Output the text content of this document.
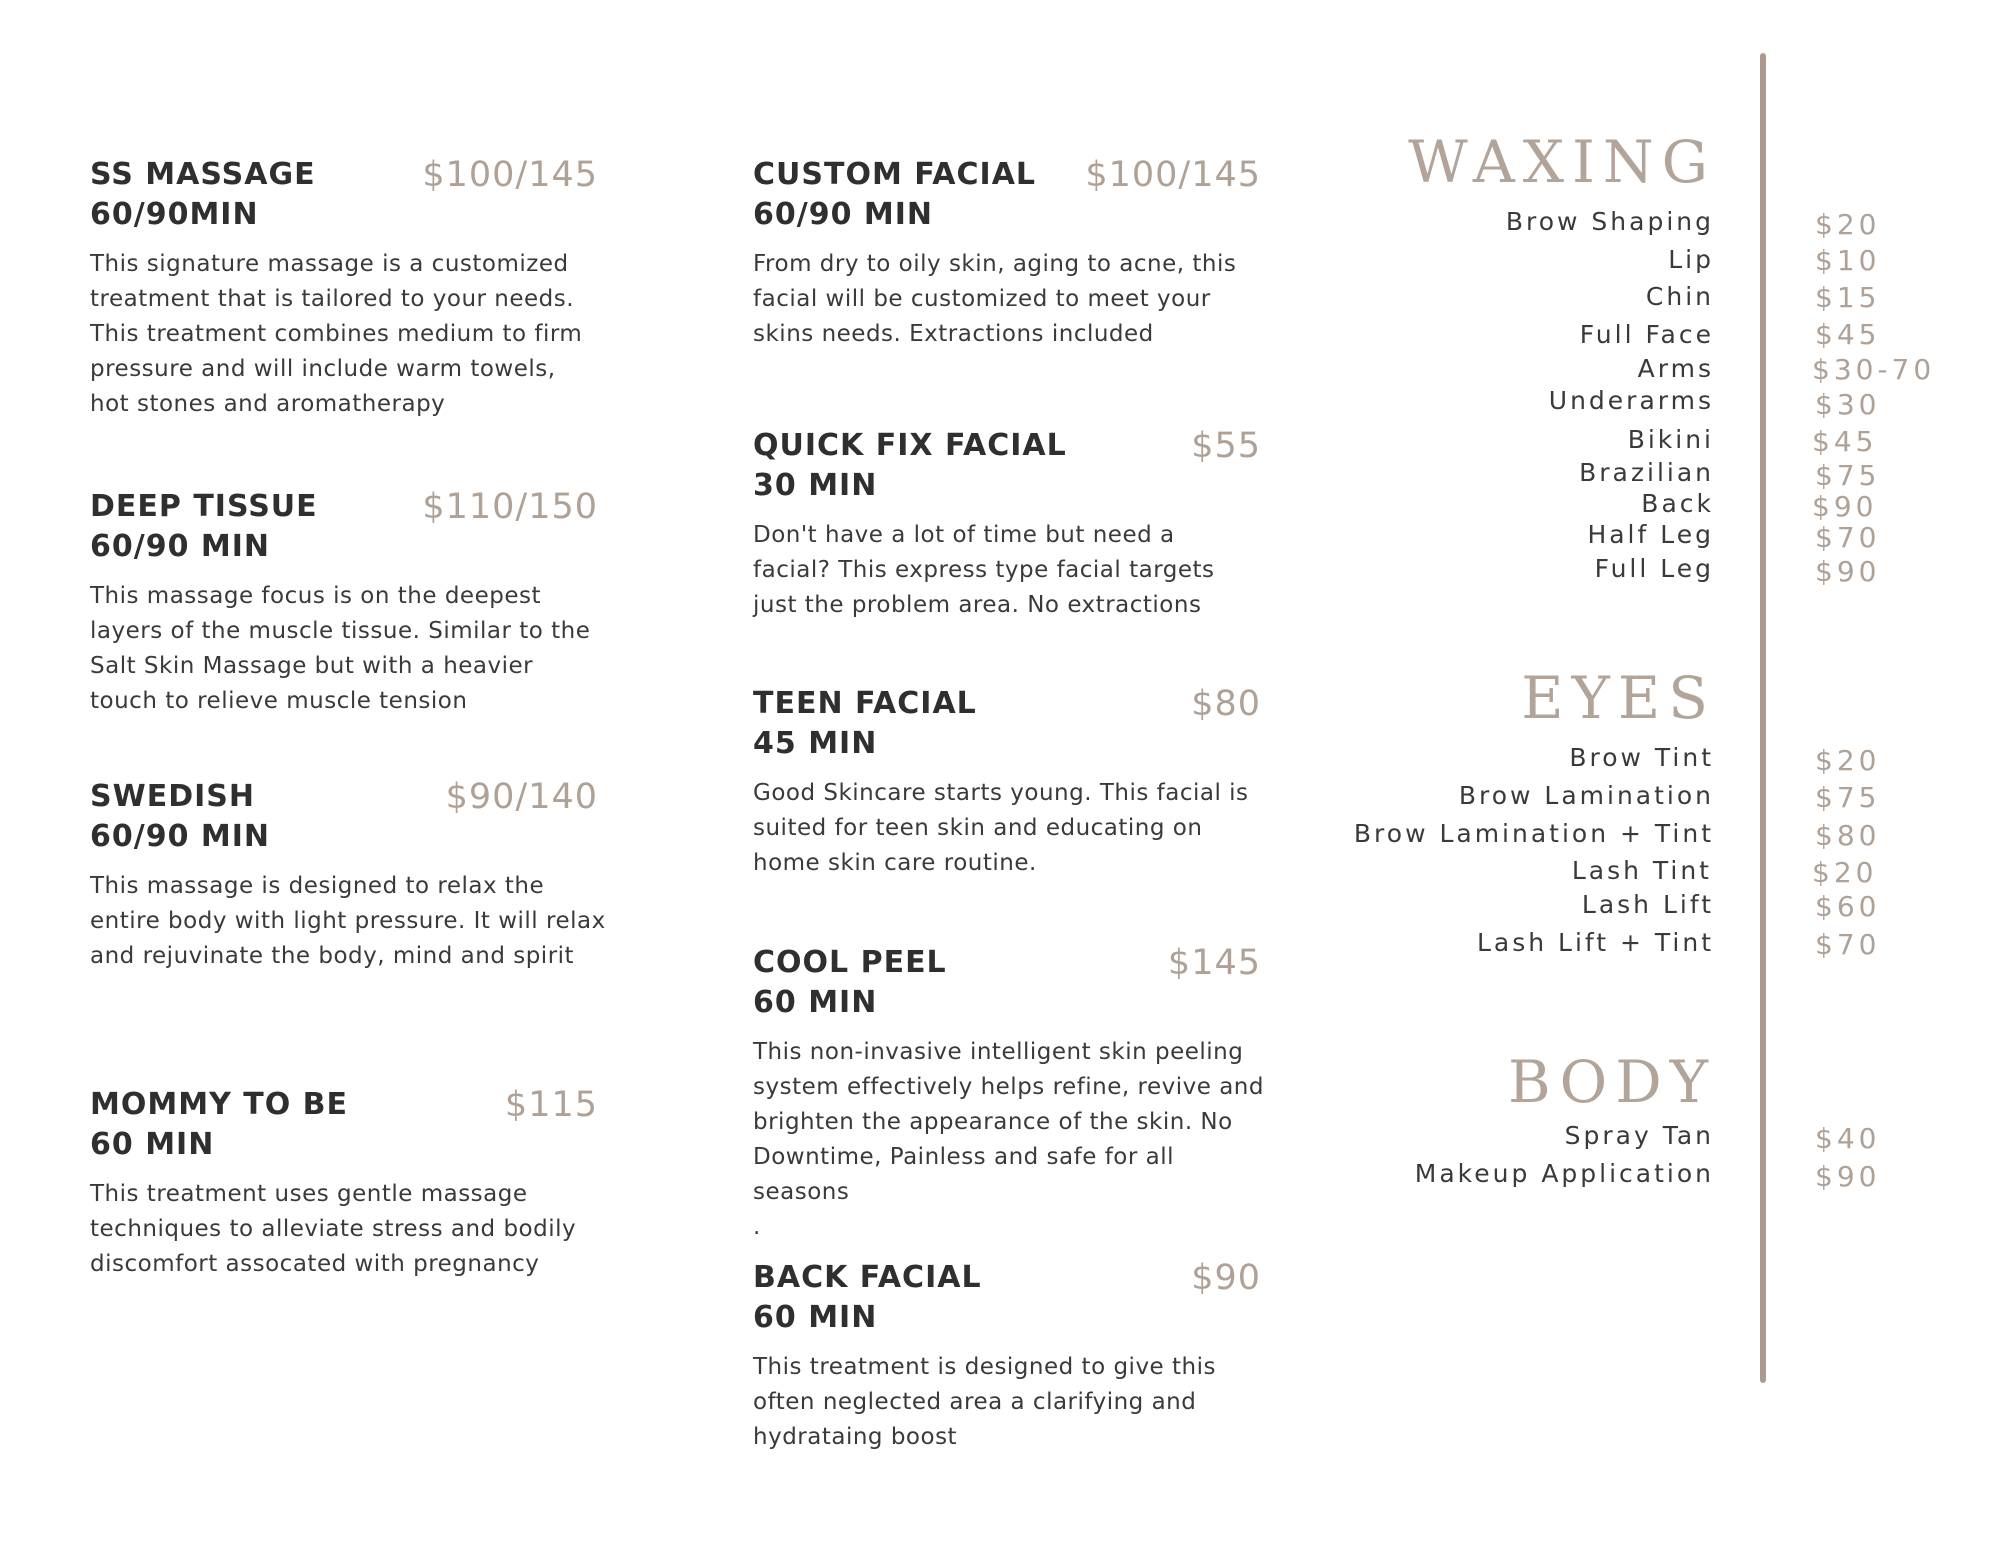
SS MASSAGE
60/90MIN
$100/145
This signature massage is a customized
treatment that is tailored to your needs.
This treatment combines medium to firm
pressure and will include warm towels,
hot stones and aromatherapy
DEEP TISSUE
60/90 MIN
$110/150
This massage focus is on the deepest
layers of the muscle tissue. Similar to the
Salt Skin Massage but with a heavier
touch to relieve muscle tension
SWEDISH
60/90 MIN
$90/140
This massage is designed to relax the
entire body with light pressure. It will relax
and rejuvinate the body, mind and spirit
MOMMY TO BE
60 MIN
$115
This treatment uses gentle massage
techniques to alleviate stress and bodily
discomfort assocated with pregnancy
CUSTOM FACIAL
60/90 MIN
$100/145
From dry to oily skin, aging to acne, this
facial will be customized to meet your
skins needs. Extractions included
QUICK FIX FACIAL
30 MIN
$55
Don't have a lot of time but need a
facial? This express type facial targets
just the problem area. No extractions
TEEN FACIAL
45 MIN
$80
Good Skincare starts young. This facial is
suited for teen skin and educating on
home skin care routine.
COOL PEEL
60 MIN
$145
This non-invasive intelligent skin peeling
system effectively helps refine, revive and
brighten the appearance of the skin. No
Downtime, Painless and safe for all
seasons
.
BACK FACIAL
60 MIN
$90
This treatment is designed to give this
often neglected area a clarifying and
hydrataing boost
WAXING
Brow Shaping	$20
Lip	$10
Chin	$15
Full Face	$45
Arms	$30-70
Underarms	$30
Bikini	$45
Brazilian	$75
Back	$90
Half Leg	$70
Full Leg	$90
EYES
Brow Tint	$20
Brow Lamination	$75
Brow Lamination + Tint	$80
Lash Tint	$20
Lash Lift	$60
Lash Lift + Tint	$70
BODY
Spray Tan	$40
Makeup Application	$90
